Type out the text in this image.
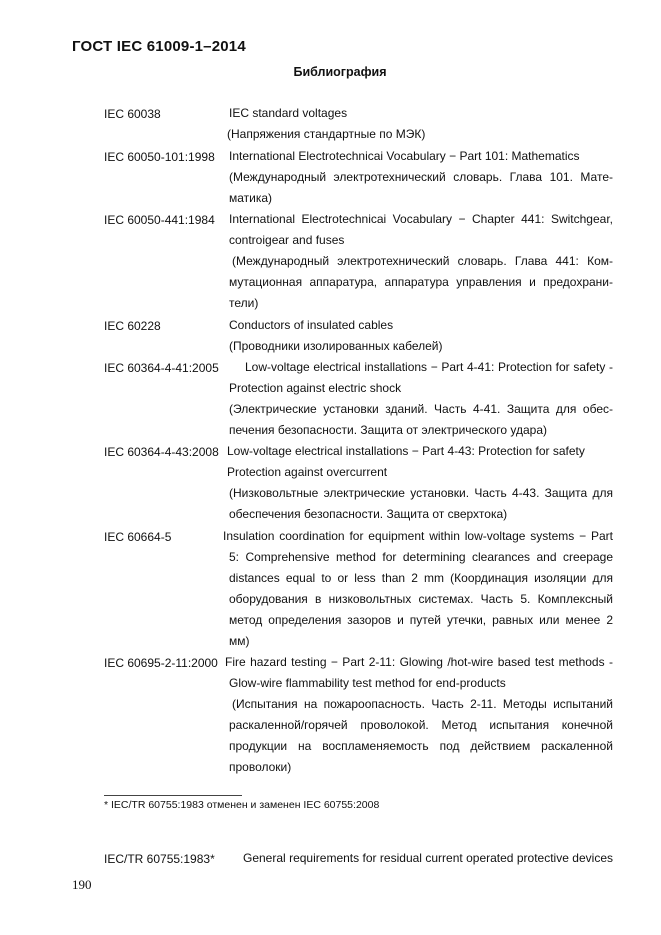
ГОСТ IEC 61009-1–2014
Библиография
IEC 60038	IEC standard voltages
(Напряжения стандартные по МЭК)
IEC 60050-101:1998 International Electrotechnicai Vocabulary − Part 101: Mathematics
(Международный электротехнический словарь. Глава 101. Мате-
матика)
IEC 60050-441:1984 International Electrotechnicai Vocabulary − Chapter 441: Switchgear,
controigear and fuses
(Международный электротехнический словарь. Глава 441: Ком-
мутационная аппаратура, аппаратура управления и предохрани-
тели)
IEC 60228	Conductors of insulated cables
(Проводники изолированных кабелей)
IEC 60364-4-41:2005	Low-voltage electrical installations − Part 4-41: Protection for safety -
Protection against electric shock
(Электрические установки зданий. Часть 4-41. Защита для обес-
печения безопасности. Защита от электрического удара)
IEC 60364-4-43:2008 Low-voltage electrical installations − Part 4-43: Protection for safety
Protection against overcurrent
(Низковольтные электрические установки. Часть 4-43. Защита для
обеспечения безопасности. Защита от сверхтока)
IEC 60664-5	Insulation coordination for equipment within low-voltage systems − Part
5: Comprehensive method for determining clearances and creepage
distances equal to or less than 2 mm (Координация изоляции для
оборудования в низковольтных системах. Часть 5. Комплексный
метод определения зазоров и путей утечки, равных или менее 2
мм)
IEC 60695-2-11:2000 Fire hazard testing − Part 2-11: Glowing /hot-wire based test methods -
Glow-wire flammability test method for end-products
(Испытания на пожароопасность. Часть 2-11. Методы испытаний
раскаленной/горячей проволокой. Метод испытания конечной
продукции на воспламеняемость под действием раскаленной
проволоки)
* IEC/TR 60755:1983 отменен и заменен IEC 60755:2008
IEC/TR 60755:1983* General requirements for residual current operated protective devices
190
